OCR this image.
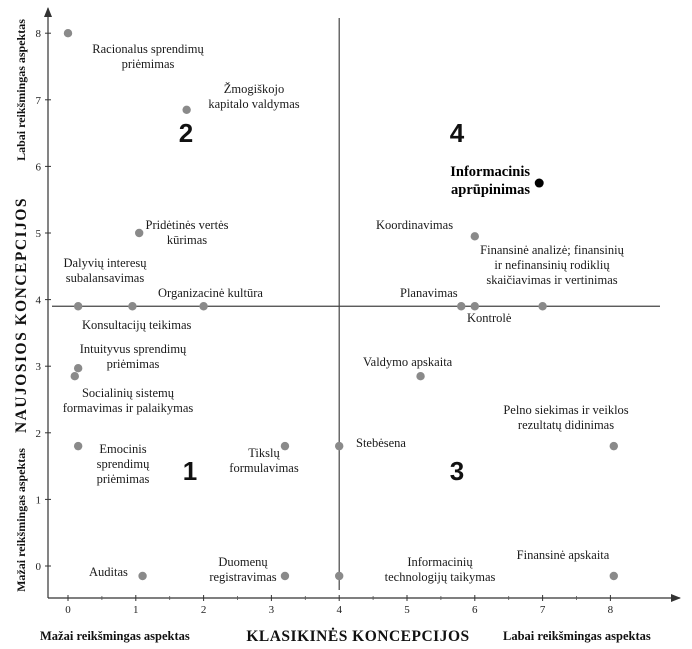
0	1	2	3	4	5	6	7	8
0
1
2
3
4
5
6
7
8
1
2
3
4
Racionalus sprendimų priėmimas
Žmogiškojo kapitalo valdymas
Informacinis aprūpinimas
Pridėtinės vertės kūrimas
Koordinavimas
Finansinė analizė; finansinių ir nefinansinių rodiklių skaičiavimas ir vertinimas
Dalyvių interesų subalansavimas
Konsultacijų teikimas
Organizacinė kultūra	Planavimas
Kontrolė
Intuityvus sprendimų priėmimas
Socialinių sistemų formavimas ir palaikymas
Valdymo apskaita
Emocinis sprendimų priėmimas
Tikslų formulavimas
Stebėsena
Pelno siekimas ir veiklos rezultatų didinimas
Auditas
Duomenų registravimas
Informacinių technologijų taikymas
Finansinė apskaita
Mažai reikšmingas aspektas	Labai reikšmingas aspektas
KLASIKINĖS KONCEPCIJOS
NAUJOSIOS KONCEPCIJOS
Labai reikšmingas aspektas
Mažai reikšmingas aspektas
